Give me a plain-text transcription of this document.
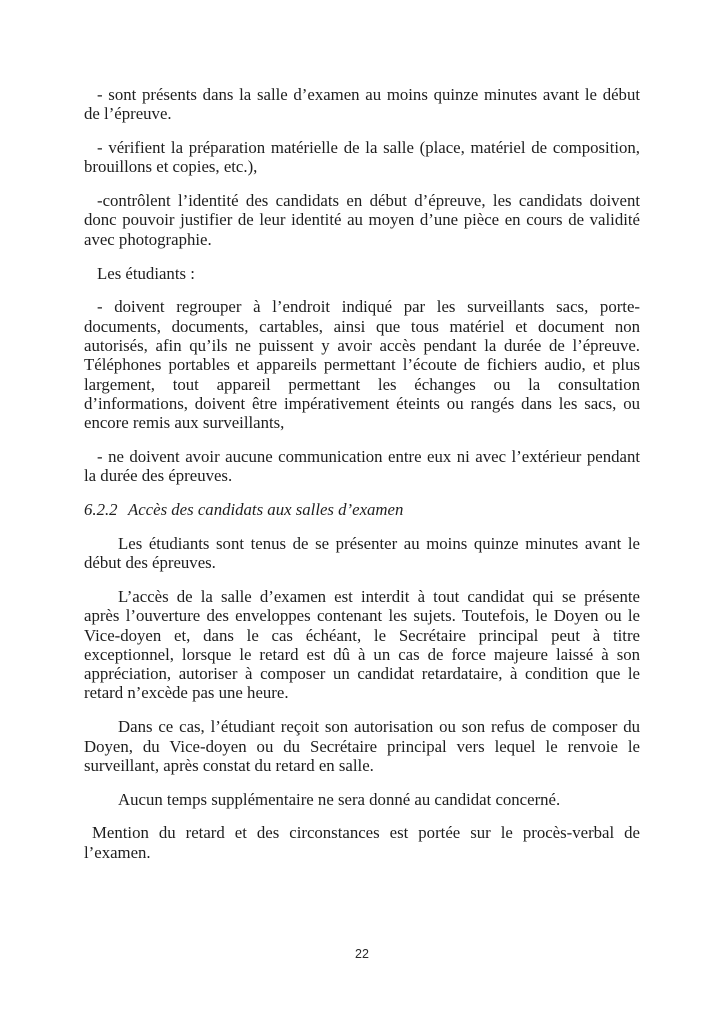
- sont présents dans la salle d’examen au moins quinze minutes avant le début
de l’épreuve.
- vérifient la préparation matérielle de la salle (place, matériel de composition,
brouillons et copies, etc.),
-contrôlent l’identité des candidats en début d’épreuve, les candidats doivent
donc pouvoir justifier de leur identité au moyen d’une pièce en cours de validité
avec photographie.
Les étudiants :
- doivent regrouper à l’endroit indiqué par les surveillants sacs, porte-
documents, documents, cartables, ainsi que tous matériel et document non
autorisés, afin qu’ils ne puissent y avoir accès pendant la durée de l’épreuve.
Téléphones portables et appareils permettant l’écoute de fichiers audio, et plus
largement, tout appareil permettant les échanges ou la consultation
d’informations, doivent être impérativement éteints ou rangés dans les sacs, ou
encore remis aux surveillants,
- ne doivent avoir aucune communication entre eux ni avec l’extérieur pendant
la durée des épreuves.
6.2.2 Accès des candidats aux salles d’examen
Les étudiants sont tenus de se présenter au moins quinze minutes avant le
début des épreuves.
L’accès de la salle d’examen est interdit à tout candidat qui se présente
après l’ouverture des enveloppes contenant les sujets. Toutefois, le Doyen ou le
Vice-doyen et, dans le cas échéant, le Secrétaire principal peut à titre
exceptionnel, lorsque le retard est dû à un cas de force majeure laissé à son
appréciation, autoriser à composer un candidat retardataire, à condition que le
retard n’excède pas une heure.
Dans ce cas, l’étudiant reçoit son autorisation ou son refus de composer du
Doyen, du Vice-doyen ou du Secrétaire principal vers lequel le renvoie le
surveillant, après constat du retard en salle.
Aucun temps supplémentaire ne sera donné au candidat concerné.
Mention du retard et des circonstances est portée sur le procès-verbal de
l’examen.
22
